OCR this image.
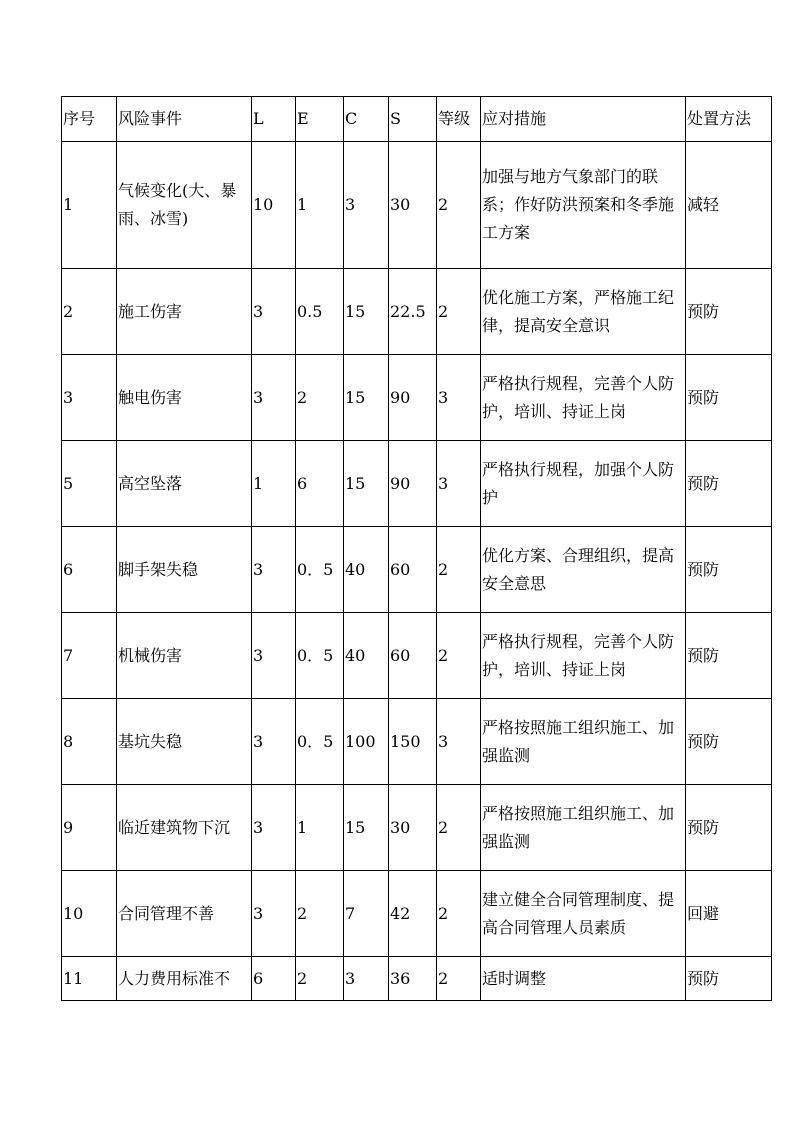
序号	风险事件	L	E	C	S	等级	应对措施	处置方法
1	气候变化(大、暴雨、冰雪)	10	1	3	30	2	加强与地方气象部门的联系；作好防洪预案和冬季施工方案	减轻
2	施工伤害	3	0.5	15	22.5	2	优化施工方案，严格施工纪律，提高安全意识	预防
3	触电伤害	3	2	15	90	3	严格执行规程，完善个人防护，培训、持证上岗	预防
5	高空坠落	1	6	15	90	3	严格执行规程，加强个人防护	预防
6	脚手架失稳	3	0．5	40	60	2	优化方案、合理组织，提高安全意思	预防
7	机械伤害	3	0．5	40	60	2	严格执行规程，完善个人防护，培训、持证上岗	预防
8	基坑失稳	3	0．5	100	150	3	严格按照施工组织施工、加强监测	预防
9	临近建筑物下沉	3	1	15	30	2	严格按照施工组织施工、加强监测	预防
10	合同管理不善	3	2	7	42	2	建立健全合同管理制度、提高合同管理人员素质	回避
11	人力费用标准不	6	2	3	36	2	适时调整	预防
